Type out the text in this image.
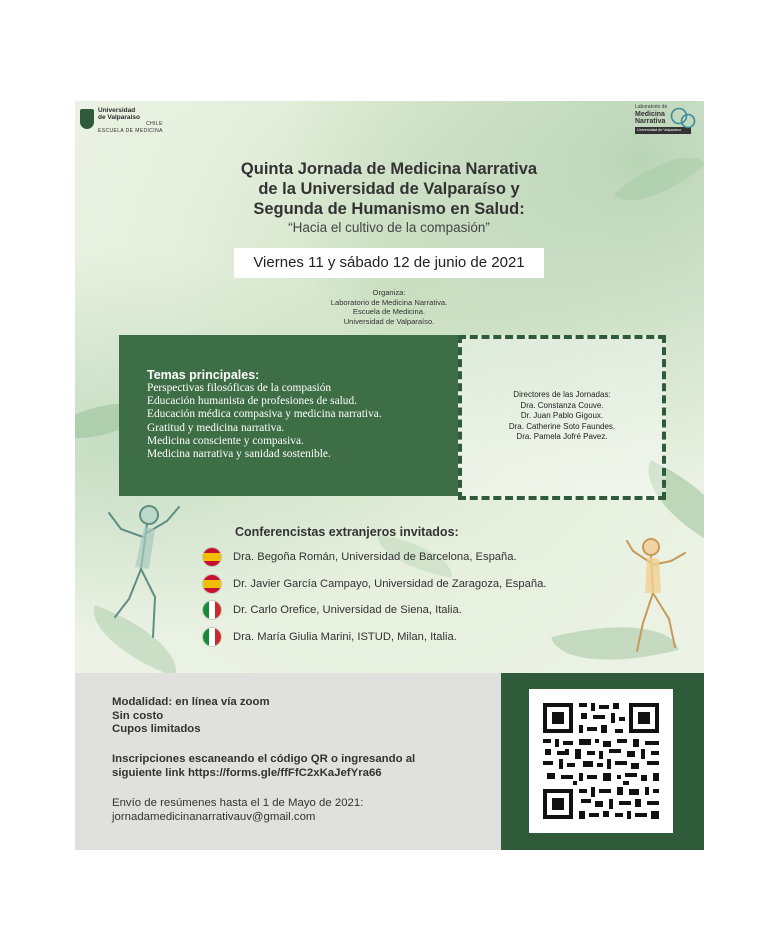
Universidad
de Valparaíso
CHILE
ESCUELA DE MEDICINA
Laboratorio de
Medicina
Narrativa
Universidad de Valparaíso
Quinta Jornada de Medicina Narrativa
de la Universidad de Valparaíso y
Segunda de Humanismo en Salud:
“Hacia el cultivo de la compasión”
Viernes 11 y sábado 12 de junio de 2021
Organiza:
Laboratorio de Medicina Narrativa.
Escuela de Medicina.
Universidad de Valparaíso.
Temas principales:
Perspectivas filosóficas de la compasión
Educación humanista de profesiones de salud.
Educación médica compasiva y medicina narrativa.
Gratitud y medicina narrativa.
Medicina consciente y compasiva.
Medicina narrativa y sanidad sostenible.
Directores de las Jornadas:
Dra. Constanza Couve.
Dr. Juan Pablo Gigoux.
Dra. Catherine Soto Faundes.
Dra. Pamela Jofré Pavez.
Conferencistas extranjeros invitados:
Dra. Begoña Román, Universidad de Barcelona, España.
Dr. Javier García Campayo, Universidad de Zaragoza, España.
Dr. Carlo Orefice, Universidad de Siena, Italia.
Dra. María Giulia Marini, ISTUD, Milan, Italia.
Modalidad: en línea vía zoom
Sin costo
Cupos limitados
Inscripciones escaneando el código QR o ingresando al
siguiente link https://forms.gle/ffFfC2xKaJefYra66
Envío de resúmenes hasta el 1 de Mayo de 2021:
jornadamedicinanarrativauv@gmail.com
